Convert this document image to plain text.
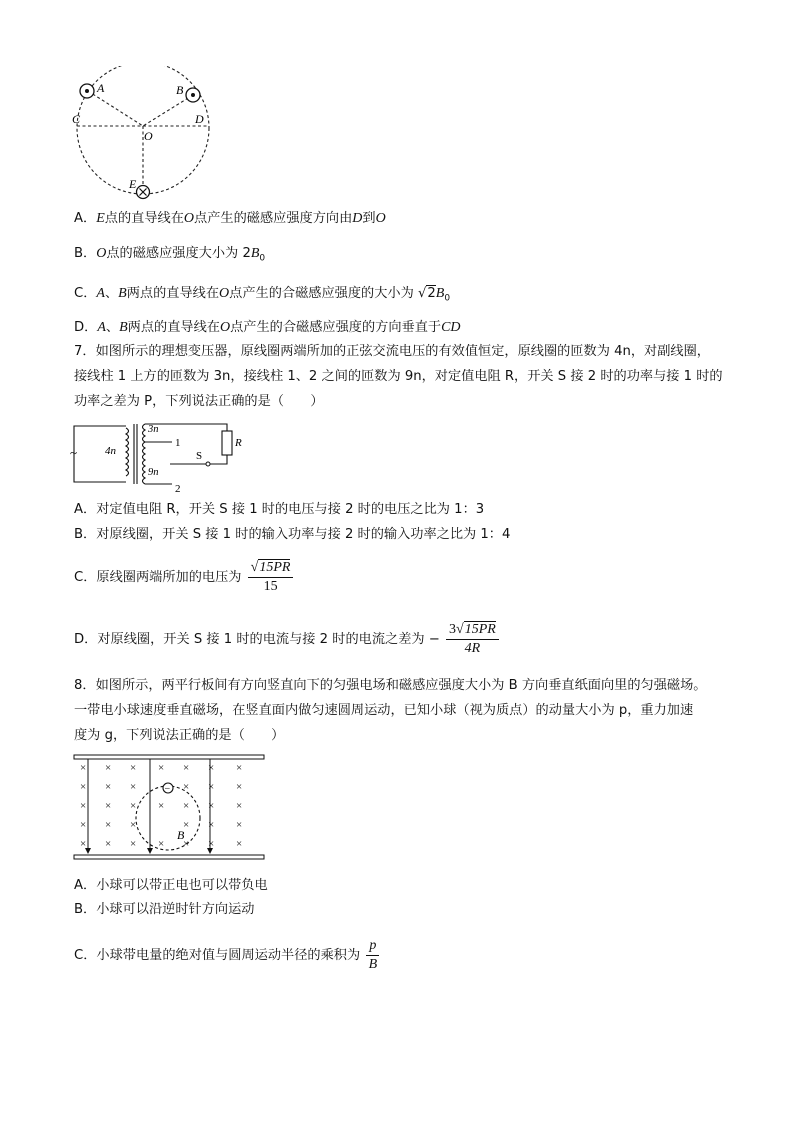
A	B
C	D
O
E
A．E点的直导线在O点产生的磁感应强度方向由D到O
B．O点的磁感应强度大小为 $2B_0$
C．A、B两点的直导线在O点产生的合磁感应强度的大小为 $√2B_0$
D．A、B两点的直导线在O点产生的合磁感应强度的方向垂直于CD
7．如图所示的理想变压器，原线圈两端所加的正弦交流电压的有效值恒定，原线圈的匝数为 4n，对副线圈，
接线柱 1 上方的匝数为 3n，接线柱 1、2 之间的匝数为 9n，对定值电阻 R，开关 S 接 2 时的功率与接 1 时的
功率之差为 P，下列说法正确的是（　　）
~	4n
3n
9n
R
S
1
2
A．对定值电阻 R，开关 S 接 1 时的电压与接 2 时的电压之比为 1：3
B．对原线圈，开关 S 接 1 时的输入功率与接 2 时的输入功率之比为 1：4
C．原线圈两端所加的电压为 $\frac{√15PR}{15}$
D．对原线圈，开关 S 接 1 时的电流与接 2 时的电流之差为 − $\frac{3√15PR}{4R}$
8．如图所示，两平行板间有方向竖直向下的匀强电场和磁感应强度大小为 B 方向垂直纸面向里的匀强磁场。
一带电小球速度垂直磁场，在竖直面内做匀速圆周运动，已知小球（视为质点）的动量大小为 p，重力加速
度为 g，下列说法正确的是（　　）
× × × × × × ×
× × ×	× × ×
× × × × × × ×
× × ×	× × ×
× × × × × × ×
−
B
A．小球可以带正电也可以带负电
B．小球可以沿逆时针方向运动
C．小球带电量的绝对值与圆周运动半径的乘积为 $\frac{p}{B}$
